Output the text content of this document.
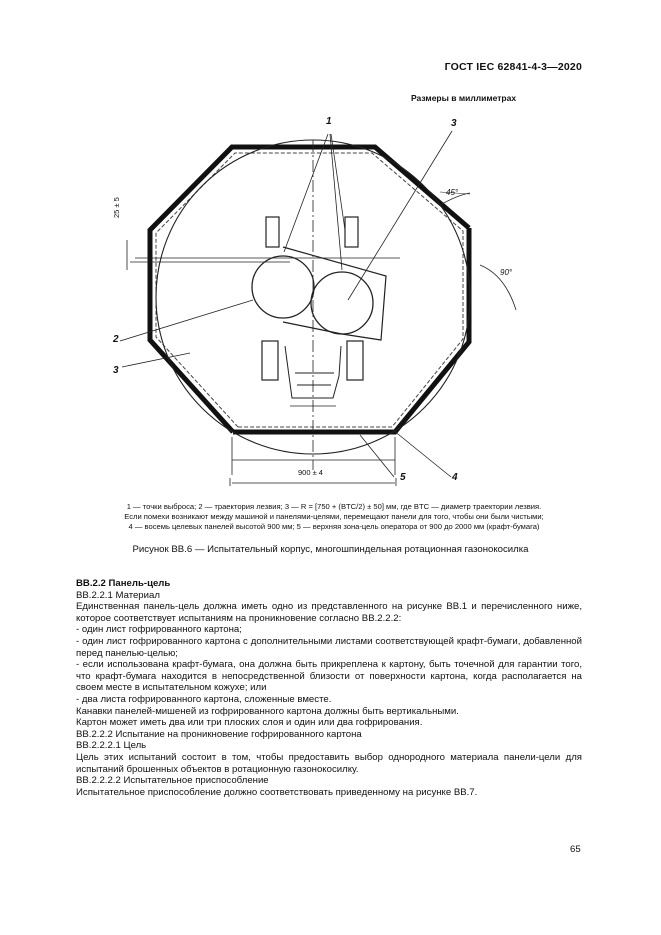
ГОСТ IEC 62841-4-3—2020
Размеры в миллиметрах
1	3
2
3
4
5
25 ± 5
900 ± 4
45°
90°
1 — точки выброса; 2 — траектория лезвия; 3 — R = [750 + (BTC/2) ± 50] мм, где BTC — диаметр траектории лезвия.
Если помехи возникают между машиной и панелями-целями, перемещают панели для того, чтобы они были чистыми;
4 — восемь целевых панелей высотой 900 мм; 5 — верхняя зона-цель оператора от 900 до 2000 мм (крафт-бумага)
Рисунок BB.6 — Испытательный корпус, многошпиндельная ротационная газонокосилка

BB.2.2 Панель-цель

BB.2.2.1 Материал

Единственная панель-цель должна иметь одно из представленного на рисунке BB.1 и перечисленного ниже, которое соответствует испытаниям на проникновение согласно BB.2.2.2:

- один лист гофрированного картона;

- один лист гофрированного картона с дополнительными листами соответствующей крафт-бумаги, добавленной перед панелью-целью;

- если использована крафт-бумага, она должна быть прикреплена к картону, быть точечной для гарантии того, что крафт-бумага находится в непосредственной близости от поверхности картона, когда располагается на своем месте в испытательном кожухе; или

- два листа гофрированного картона, сложенные вместе.

Канавки панелей-мишеней из гофрированного картона должны быть вертикальными.

Картон может иметь два или три плоских слоя и один или два гофрирования.

BB.2.2.2 Испытание на проникновение гофрированного картона

BB.2.2.2.1 Цель

Цель этих испытаний состоит в том, чтобы предоставить выбор однородного материала панели-цели для испытаний брошенных объектов в ротационную газонокосилку.

BB.2.2.2.2 Испытательное приспособление

Испытательное приспособление должно соответствовать приведенному на рисунке BB.7.

65
